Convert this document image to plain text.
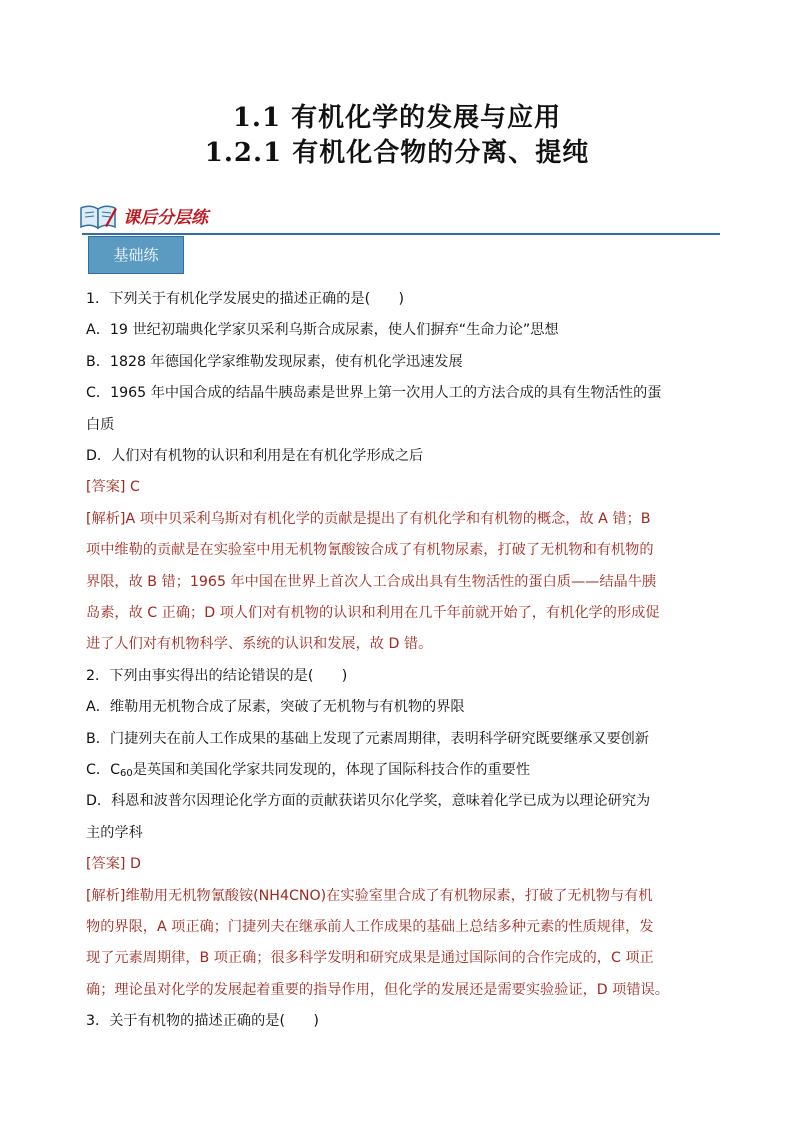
1.1 有机化学的发展与应用
1.2.1 有机化合物的分离、提纯
课后分层练
基础练
1．下列关于有机化学发展史的描述正确的是(　　)
A．19 世纪初瑞典化学家贝采利乌斯合成尿素，使人们摒弃“生命力论”思想
B．1828 年德国化学家维勒发现尿素，使有机化学迅速发展
C．1965 年中国合成的结晶牛胰岛素是世界上第一次用人工的方法合成的具有生物活性的蛋
白质
D．人们对有机物的认识和利用是在有机化学形成之后
[答案] C
[解析]A 项中贝采利乌斯对有机化学的贡献是提出了有机化学和有机物的概念，故 A 错；B
项中维勒的贡献是在实验室中用无机物氰酸铵合成了有机物尿素，打破了无机物和有机物的
界限，故 B 错；1965 年中国在世界上首次人工合成出具有生物活性的蛋白质——结晶牛胰
岛素，故 C 正确；D 项人们对有机物的认识和利用在几千年前就开始了，有机化学的形成促
进了人们对有机物科学、系统的认识和发展，故 D 错。
2．下列由事实得出的结论错误的是(　　)
A．维勒用无机物合成了尿素，突破了无机物与有机物的界限
B．门捷列夫在前人工作成果的基础上发现了元素周期律，表明科学研究既要继承又要创新
C．$C_{60}$是英国和美国化学家共同发现的，体现了国际科技合作的重要性
D．科恩和波普尔因理论化学方面的贡献获诺贝尔化学奖，意味着化学已成为以理论研究为
主的学科
[答案] D
[解析]维勒用无机物氰酸铵(NH4CNO)在实验室里合成了有机物尿素，打破了无机物与有机
物的界限，A 项正确；门捷列夫在继承前人工作成果的基础上总结多种元素的性质规律，发
现了元素周期律，B 项正确；很多科学发明和研究成果是通过国际间的合作完成的，C 项正
确；理论虽对化学的发展起着重要的指导作用，但化学的发展还是需要实验验证，D 项错误。
3．关于有机物的描述正确的是(　　)
